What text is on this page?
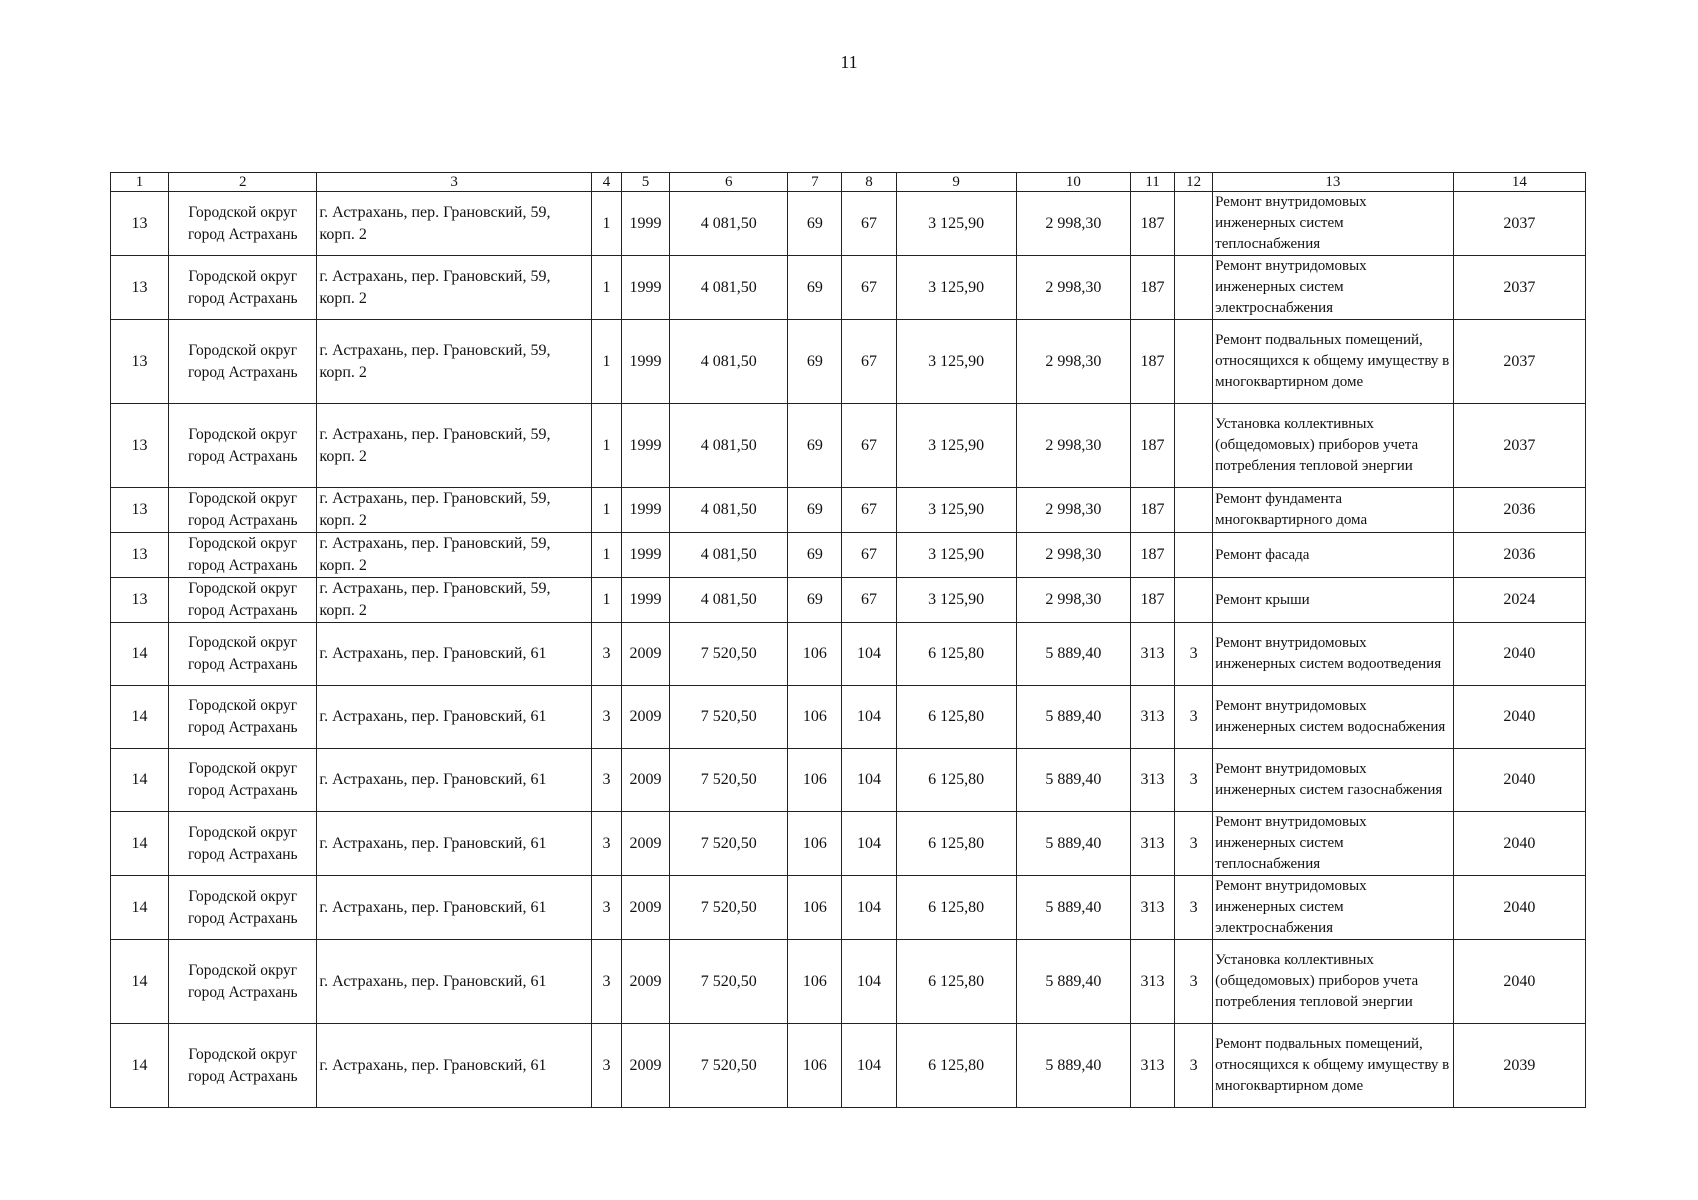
11
1	2	3	4	5	6	7	8	9	10	11	12	13	14
13	Городской округ город Астрахань	г. Астрахань, пер. Грановский, 59, корп. 2	1	1999	4 081,50	69	67	3 125,90	2 998,30	187		Ремонт внутридомовых инженерных систем теплоснабжения	2037
13	Городской округ город Астрахань	г. Астрахань, пер. Грановский, 59, корп. 2	1	1999	4 081,50	69	67	3 125,90	2 998,30	187		Ремонт внутридомовых инженерных систем электроснабжения	2037
13	Городской округ город Астрахань	г. Астрахань, пер. Грановский, 59, корп. 2	1	1999	4 081,50	69	67	3 125,90	2 998,30	187		Ремонт подвальных помещений, относящихся к общему имуществу в многоквартирном доме	2037
13	Городской округ город Астрахань	г. Астрахань, пер. Грановский, 59, корп. 2	1	1999	4 081,50	69	67	3 125,90	2 998,30	187		Установка коллективных (общедомовых) приборов учета потребления тепловой энергии	2037
13	Городской округ город Астрахань	г. Астрахань, пер. Грановский, 59, корп. 2	1	1999	4 081,50	69	67	3 125,90	2 998,30	187		Ремонт фундамента многоквартирного дома	2036
13	Городской округ город Астрахань	г. Астрахань, пер. Грановский, 59, корп. 2	1	1999	4 081,50	69	67	3 125,90	2 998,30	187		Ремонт фасада	2036
13	Городской округ город Астрахань	г. Астрахань, пер. Грановский, 59, корп. 2	1	1999	4 081,50	69	67	3 125,90	2 998,30	187		Ремонт крыши	2024
14	Городской округ город Астрахань	г. Астрахань, пер. Грановский, 61	3	2009	7 520,50	106	104	6 125,80	5 889,40	313	3	Ремонт внутридомовых инженерных систем водоотведения	2040
14	Городской округ город Астрахань	г. Астрахань, пер. Грановский, 61	3	2009	7 520,50	106	104	6 125,80	5 889,40	313	3	Ремонт внутридомовых инженерных систем водоснабжения	2040
14	Городской округ город Астрахань	г. Астрахань, пер. Грановский, 61	3	2009	7 520,50	106	104	6 125,80	5 889,40	313	3	Ремонт внутридомовых инженерных систем газоснабжения	2040
14	Городской округ город Астрахань	г. Астрахань, пер. Грановский, 61	3	2009	7 520,50	106	104	6 125,80	5 889,40	313	3	Ремонт внутридомовых инженерных систем теплоснабжения	2040
14	Городской округ город Астрахань	г. Астрахань, пер. Грановский, 61	3	2009	7 520,50	106	104	6 125,80	5 889,40	313	3	Ремонт внутридомовых инженерных систем электроснабжения	2040
14	Городской округ город Астрахань	г. Астрахань, пер. Грановский, 61	3	2009	7 520,50	106	104	6 125,80	5 889,40	313	3	Установка коллективных (общедомовых) приборов учета потребления тепловой энергии	2040
14	Городской округ город Астрахань	г. Астрахань, пер. Грановский, 61	3	2009	7 520,50	106	104	6 125,80	5 889,40	313	3	Ремонт подвальных помещений, относящихся к общему имуществу в многоквартирном доме	2039
